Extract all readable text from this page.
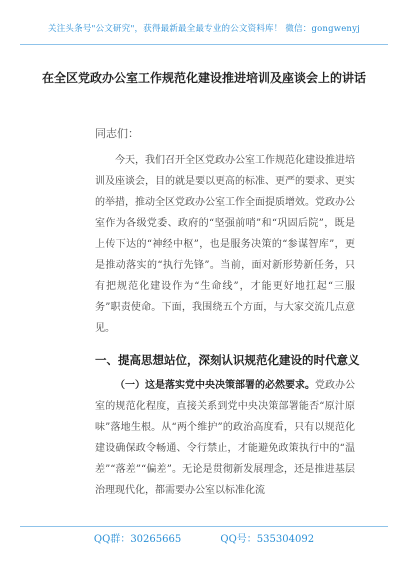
关注头条号"公文研究"，获得最新最全最专业的公文资料库！ 微信：gongwenyj
在全区党政办公室工作规范化建设推进培训及座谈会上的讲话
同志们：
今天，我们召开全区党政办公室工作规范化建设推进培训及座谈会，目的就是要以更高的标准、更严的要求、更实的举措，推动全区党政办公室工作全面提质增效。党政办公室作为各级党委、政府的“坚强前哨”和“巩固后院”，既是上传下达的“神经中枢”，也是服务决策的“参谋智库”，更是推动落实的“执行先锋”。当前，面对新形势新任务，只有把规范化建设作为“生命线”，才能更好地扛起“三服务”职责使命。下面，我围绕五个方面，与大家交流几点意见。
一、提高思想站位，深刻认识规范化建设的时代意义
（一）这是落实党中央决策部署的必然要求。党政办公室的规范化程度，直接关系到党中央决策部署能否“原汁原味”落地生根。从“两个维护”的政治高度看，只有以规范化建设确保政令畅通、令行禁止，才能避免政策执行中的“温差”“落差”“偏差”。无论是贯彻新发展理念，还是推进基层治理现代化，都需要办公室以标准化流
QQ群：30265665	QQ号：535304092
